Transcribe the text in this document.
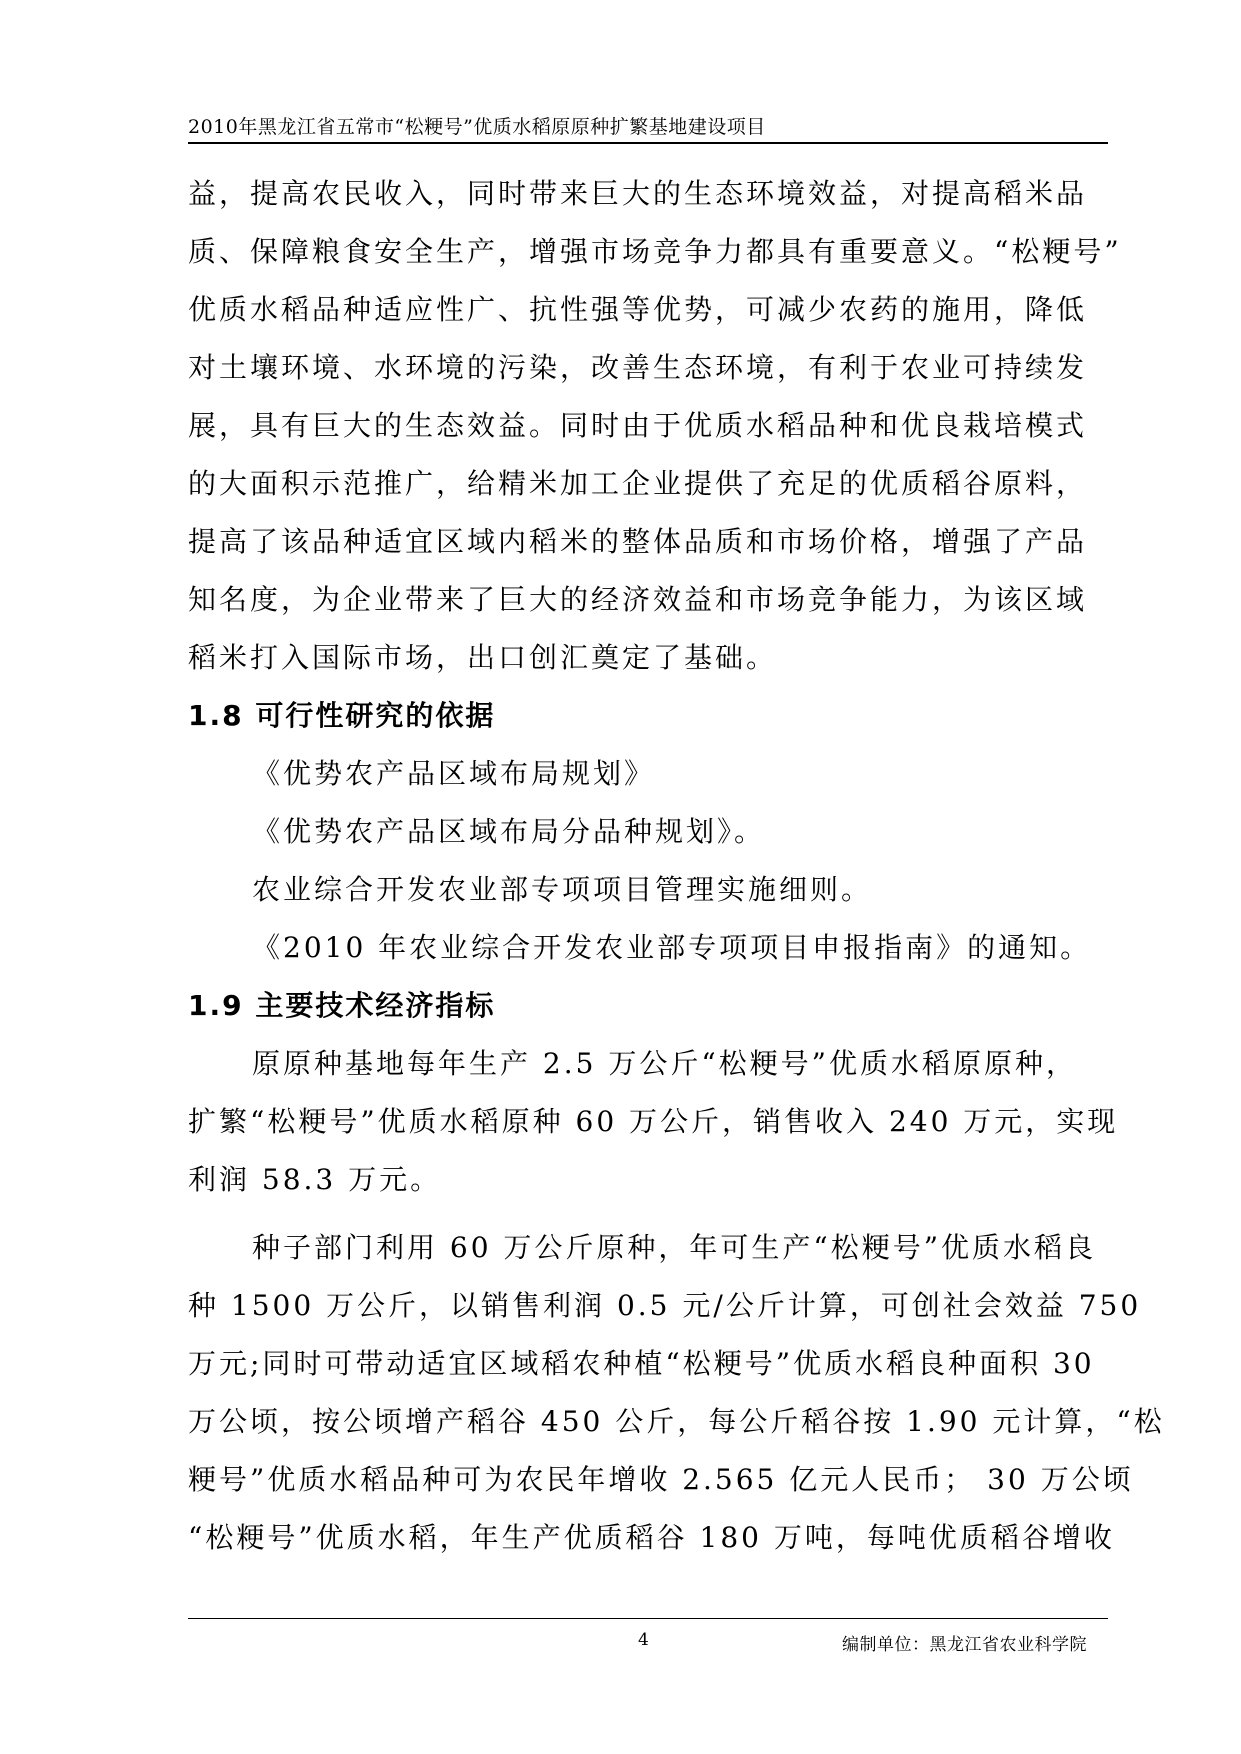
2010年黑龙江省五常市“松粳号”优质水稻原原种扩繁基地建设项目
益，提高农民收入，同时带来巨大的生态环境效益，对提高稻米品
质、保障粮食安全生产，增强市场竞争力都具有重要意义。“松粳号”
优质水稻品种适应性广、抗性强等优势，可减少农药的施用，降低
对土壤环境、水环境的污染，改善生态环境，有利于农业可持续发
展，具有巨大的生态效益。同时由于优质水稻品种和优良栽培模式
的大面积示范推广，给精米加工企业提供了充足的优质稻谷原料，
提高了该品种适宜区域内稻米的整体品质和市场价格，增强了产品
知名度，为企业带来了巨大的经济效益和市场竞争能力，为该区域
稻米打入国际市场，出口创汇奠定了基础。
1.8 可行性研究的依据
《优势农产品区域布局规划》
《优势农产品区域布局分品种规划》。
农业综合开发农业部专项项目管理实施细则。
《2010 年农业综合开发农业部专项项目申报指南》的通知。
1.9 主要技术经济指标
原原种基地每年生产 2.5 万公斤“松粳号”优质水稻原原种，
扩繁“松粳号”优质水稻原种 60 万公斤，销售收入 240 万元，实现
利润 58.3 万元。
种子部门利用 60 万公斤原种，年可生产“松粳号”优质水稻良
种 1500 万公斤，以销售利润 0.5 元/公斤计算，可创社会效益 750
万元;同时可带动适宜区域稻农种植“松粳号”优质水稻良种面积 30
万公顷，按公顷增产稻谷 450 公斤，每公斤稻谷按 1.90 元计算，“松
粳号”优质水稻品种可为农民年增收 2.565 亿元人民币； 30 万公顷
“松粳号”优质水稻，年生产优质稻谷 180 万吨，每吨优质稻谷增收
4	编制单位：黑龙江省农业科学院
